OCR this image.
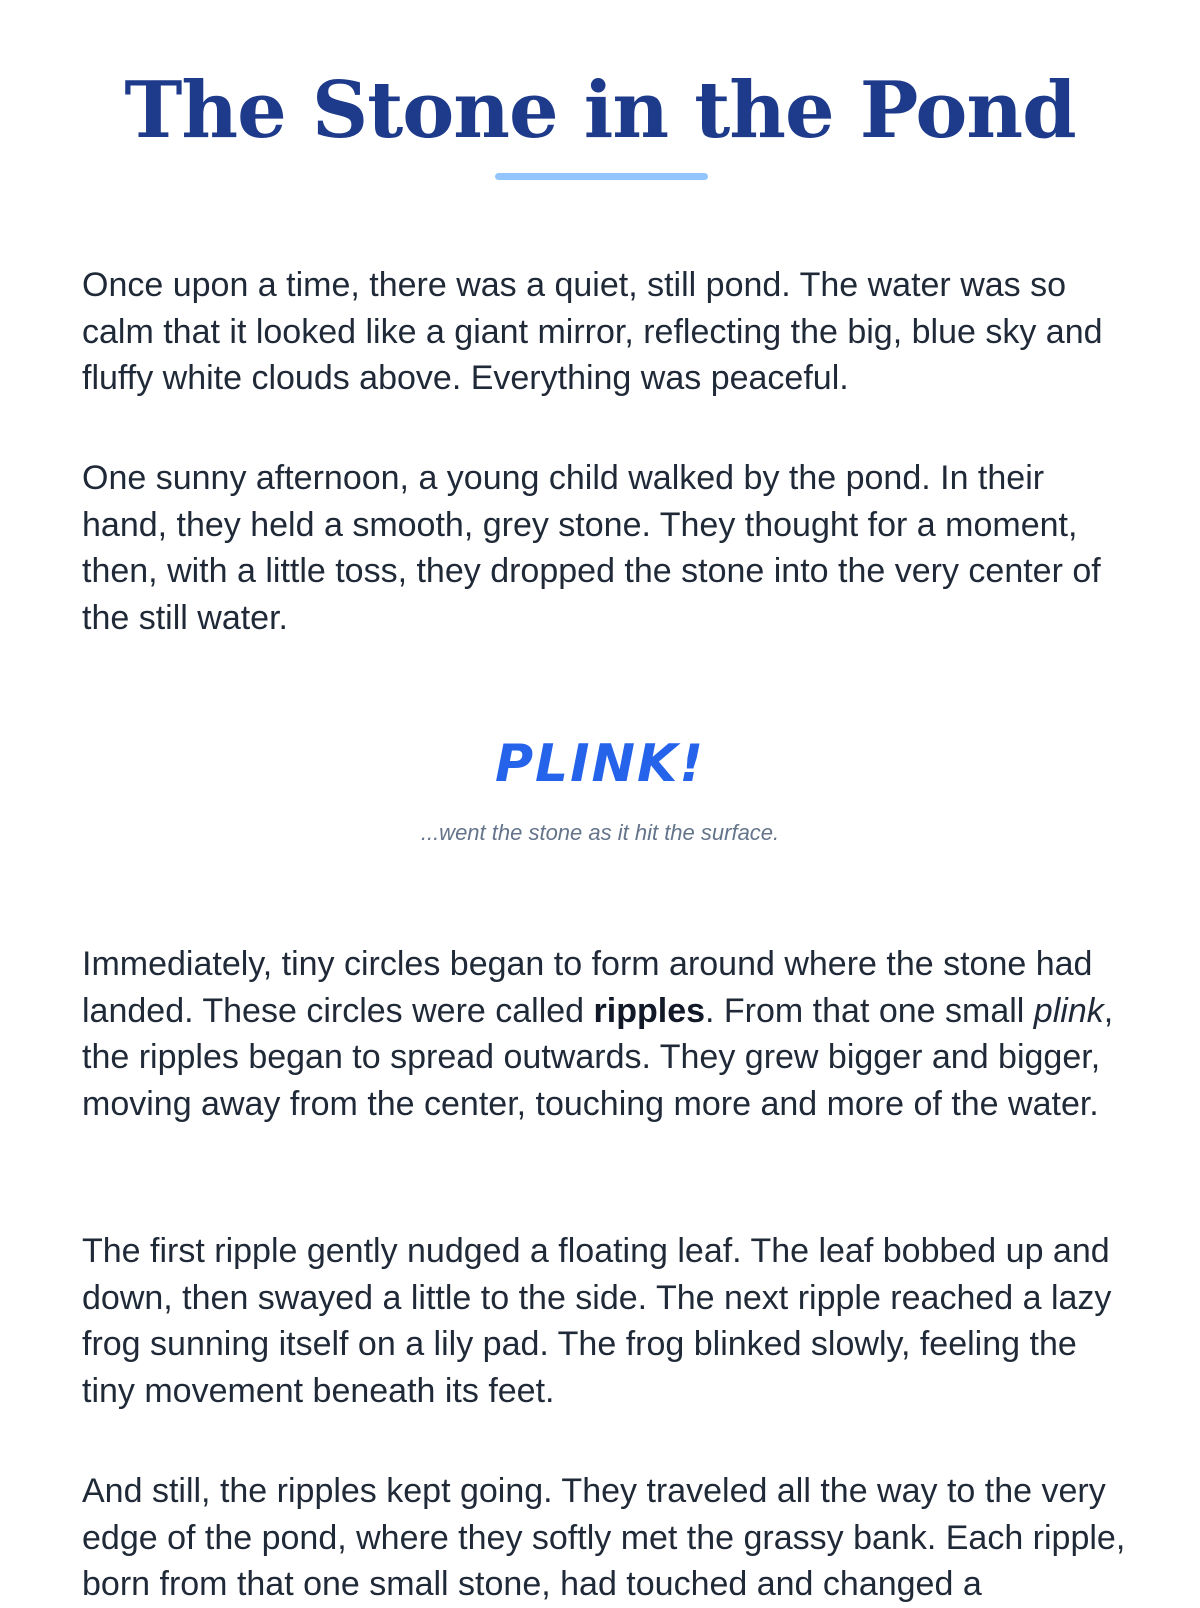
The Stone in the Pond

Once upon a time, there was a quiet, still pond. The water was so calm that it looked like a giant mirror, reflecting the big, blue sky and fluffy white clouds above. Everything was peaceful.

One sunny afternoon, a young child walked by the pond. In their hand, they held a smooth, grey stone. They thought for a moment, then, with a little toss, they dropped the stone into the very center of the still water.

PLINK!
...went the stone as it hit the surface.

Immediately, tiny circles began to form around where the stone had landed. These circles were called ripples. From that one small plink, the ripples began to spread outwards. They grew bigger and bigger, moving away from the center, touching more and more of the water.

The first ripple gently nudged a floating leaf. The leaf bobbed up and down, then swayed a little to the side. The next ripple reached a lazy frog sunning itself on a lily pad. The frog blinked slowly, feeling the tiny movement beneath its feet.

And still, the ripples kept going. They traveled all the way to the very edge of the pond, where they softly met the grassy bank. Each ripple, born from that one small stone, had touched and changed a
